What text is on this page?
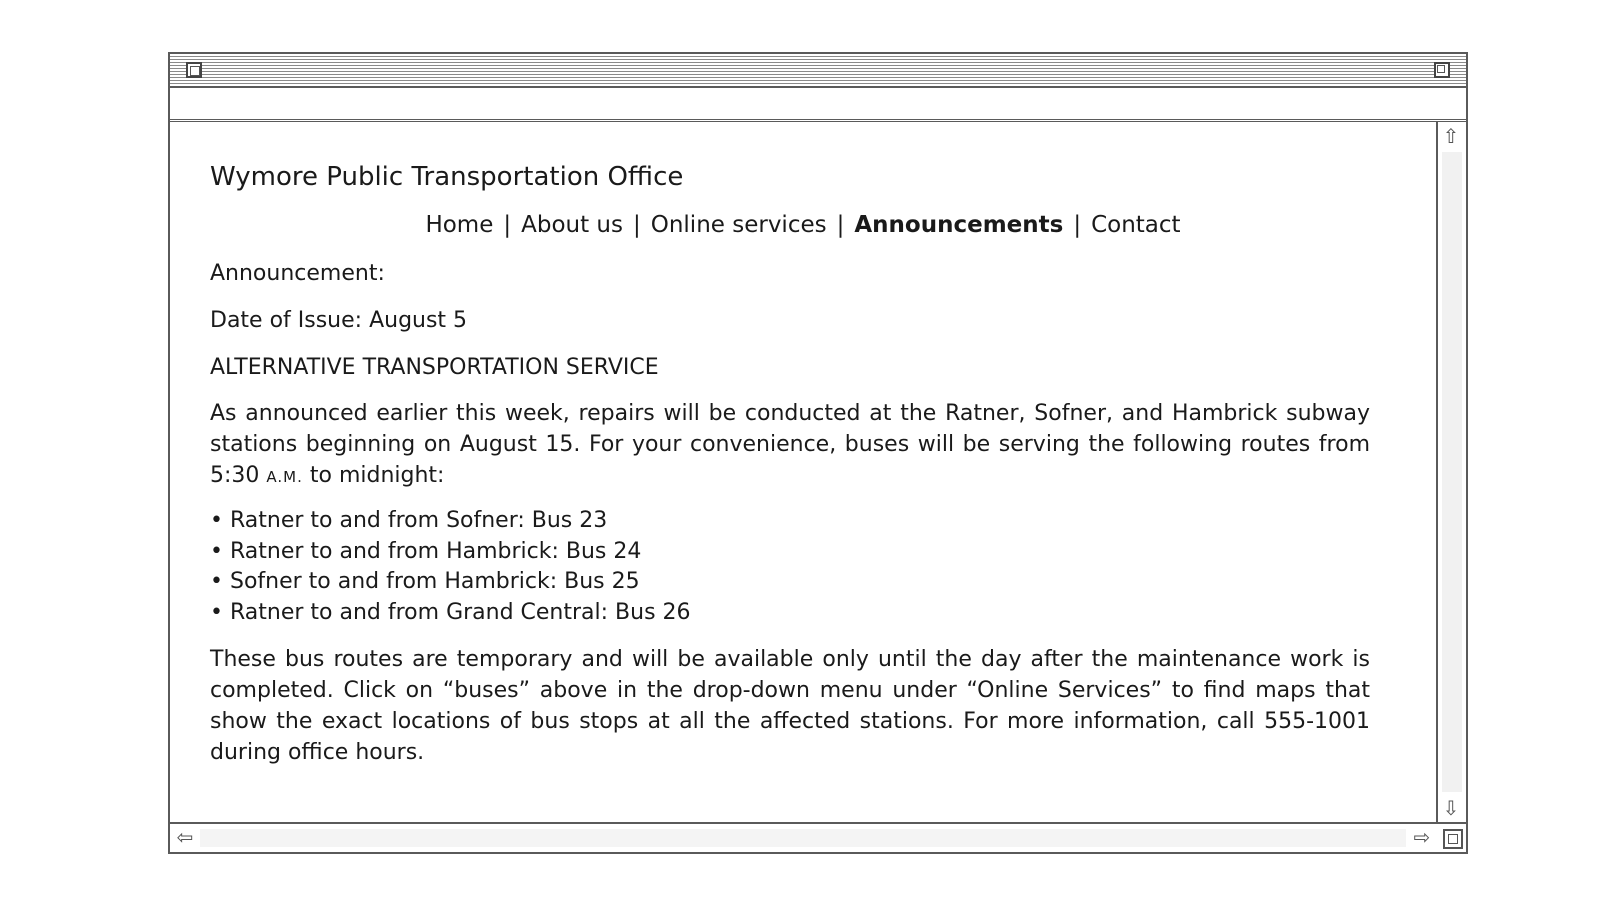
Wymore Public Transportation Office
Home | About us | Online services | Announcements | Contact
Announcement:
Date of Issue: August 5
ALTERNATIVE TRANSPORTATION SERVICE
As announced earlier this week, repairs will be conducted at the Ratner, Sofner, and Hambrick subway stations beginning on August 15. For your convenience, buses will be serving the following routes from 5:30 A.M. to midnight:
• Ratner to and from Sofner: Bus 23
• Ratner to and from Hambrick: Bus 24
• Sofner to and from Hambrick: Bus 25
• Ratner to and from Grand Central: Bus 26
These bus routes are temporary and will be available only until the day after the maintenance work is completed. Click on “buses” above in the drop-down menu under “Online Services” to find maps that show the exact locations of bus stops at all the affected stations. For more information, call 555-1001 during office hours.
⇧
⇩
⇦	⇨
